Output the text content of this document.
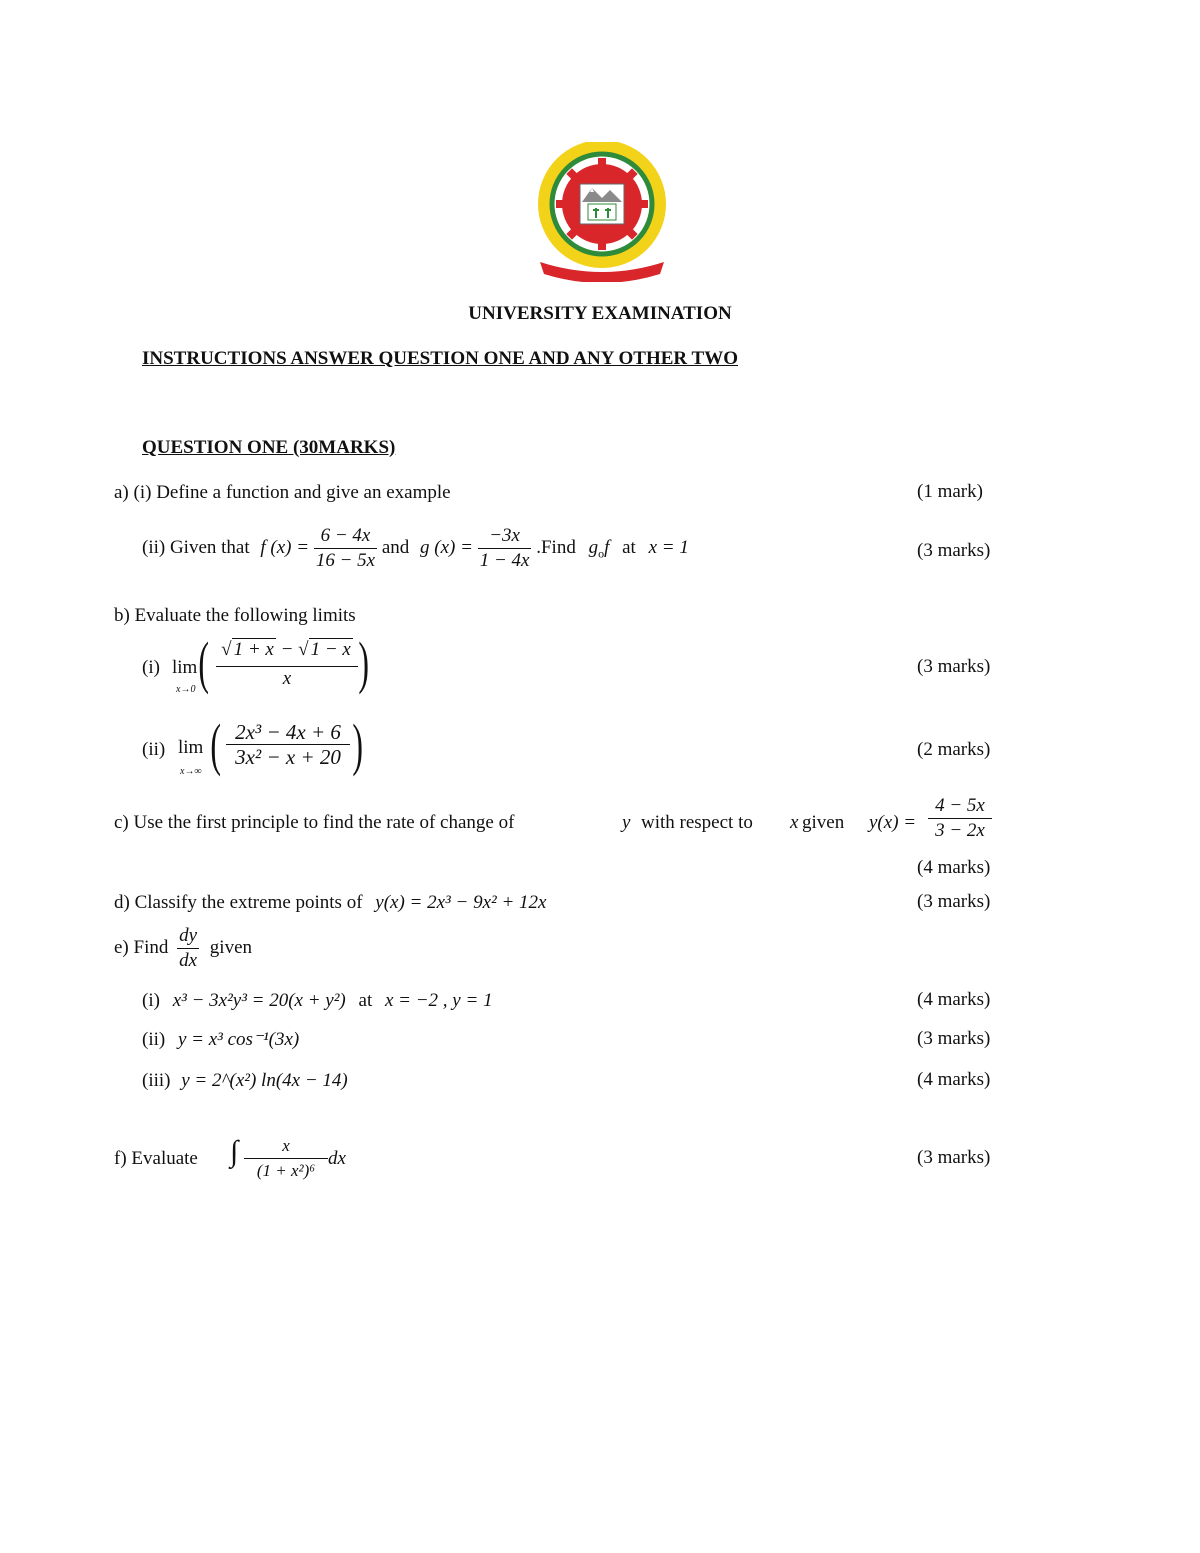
UNIVERSITY EXAMINATION
INSTRUCTIONS ANSWER QUESTION ONE AND ANY OTHER TWO
QUESTION ONE (30MARKS)
a) (i) Define a function and give an example	(1 mark)
(ii) Given that f $(x) = \frac{6 - 4x}{16 - 5x}$ and g $(x) = \frac{-3x}{1 - 4x}$ .Find $g_of$ at x = 1	(3 marks)
b) Evaluate the following limits
(i) lim
x→0 ( √ 1 + x − √ 1 − x
x	)	(3 marks)
(ii) lim
x→∞ ( $\frac{\text{2x³ − 4x + 6}}{\text{3x² − x + 20}}$ )	(2 marks)
c) Use the first principle to find the rate of change of	y with respect to x given $y(x) = \frac{4 - 5x}{3 - 2x}$
(4 marks)
d) Classify the extreme points of y(x) = 2x³ − 9x² + 12x	(3 marks)
e) Find $\frac{dy}{dx}$ given
(i) x³ − 3x²y³ = 20(x + y²) at x = −2 , y = 1	(4 marks)
(ii) y = x³ cos⁻¹(3x)	(3 marks)
(iii) y = 2^(x²) ln(4x − 14)	(4 marks)
f) Evaluate ∫ $\frac{x}{\text{(1 + x²)⁶}}$ dx	(3 marks)
